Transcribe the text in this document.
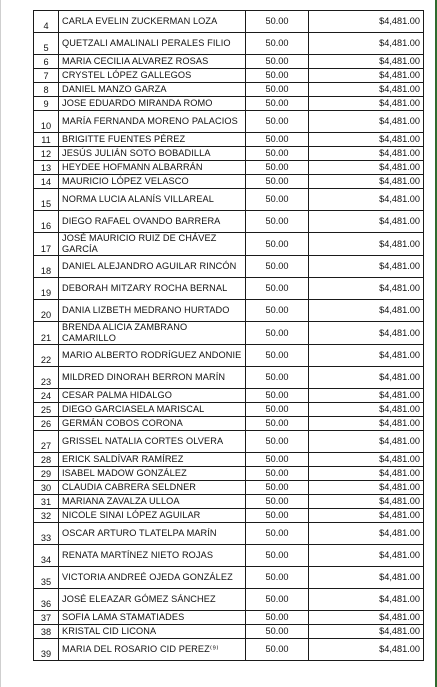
4	CARLA EVELIN ZUCKERMAN LOZA	50.00	$4,481.00
5	QUETZALI AMALINALI PERALES FILIO	50.00	$4,481.00
6	MARIA CECILIA ALVAREZ ROSAS	50.00	$4,481.00
7	CRYSTEL LÓPEZ GALLEGOS	50.00	$4,481.00
8	DANIEL MANZO GARZA	50.00	$4,481.00
9	JOSE EDUARDO MIRANDA ROMO	50.00	$4,481.00
10	MARÍA FERNANDA MORENO PALACIOS	50.00	$4,481.00
11	BRIGITTE FUENTES PÉREZ	50.00	$4,481.00
12	JESÚS JULIÁN SOTO BOBADILLA	50.00	$4,481.00
13	HEYDEE HOFMANN ALBARRÁN	50.00	$4,481.00
14	MAURICIO LÓPEZ VELASCO	50.00	$4,481.00
15	NORMA LUCIA ALANÍS VILLAREAL	50.00	$4,481.00
16	DIEGO RAFAEL OVANDO BARRERA	50.00	$4,481.00
17	JOSÉ MAURICIO RUIZ DE CHÁVEZ GARCÍA	50.00	$4,481.00
18	DANIEL ALEJANDRO AGUILAR RINCÓN	50.00	$4,481.00
19	DEBORAH MITZARY ROCHA BERNAL	50.00	$4,481.00
20	DANIA LIZBETH MEDRANO HURTADO	50.00	$4,481.00
21	BRENDA ALICIA ZAMBRANO CAMARILLO	50.00	$4,481.00
22	MARIO ALBERTO RODRÍGUEZ ANDONIE	50.00	$4,481.00
23	MILDRED DINORAH BERRON MARÍN	50.00	$4,481.00
24	CESAR PALMA HIDALGO	50.00	$4,481.00
25	DIEGO GARCIASELA MARISCAL	50.00	$4,481.00
26	GERMÁN COBOS CORONA	50.00	$4,481.00
27	GRISSEL NATALIA CORTES OLVERA	50.00	$4,481.00
28	ERICK SALDÍVAR RAMÍREZ	50.00	$4,481.00
29	ISABEL MADOW GONZÁLEZ	50.00	$4,481.00
30	CLAUDIA CABRERA SELDNER	50.00	$4,481.00
31	MARIANA ZAVALZA ULLOA	50.00	$4,481.00
32	NICOLE SINAI LÓPEZ AGUILAR	50.00	$4,481.00
33	OSCAR ARTURO TLATELPA MARÍN	50.00	$4,481.00
34	RENATA MARTÍNEZ NIETO ROJAS	50.00	$4,481.00
35	VICTORIA ANDREÉ OJEDA GONZÁLEZ	50.00	$4,481.00
36	JOSÉ ELEAZAR GÓMEZ SÁNCHEZ	50.00	$4,481.00
37	SOFIA LAMA STAMATIADES	50.00	$4,481.00
38	KRISTAL CID LICONA	50.00	$4,481.00
39	MARIA DEL ROSARIO CID PEREZ⁽⁹⁾	50.00	$4,481.00
